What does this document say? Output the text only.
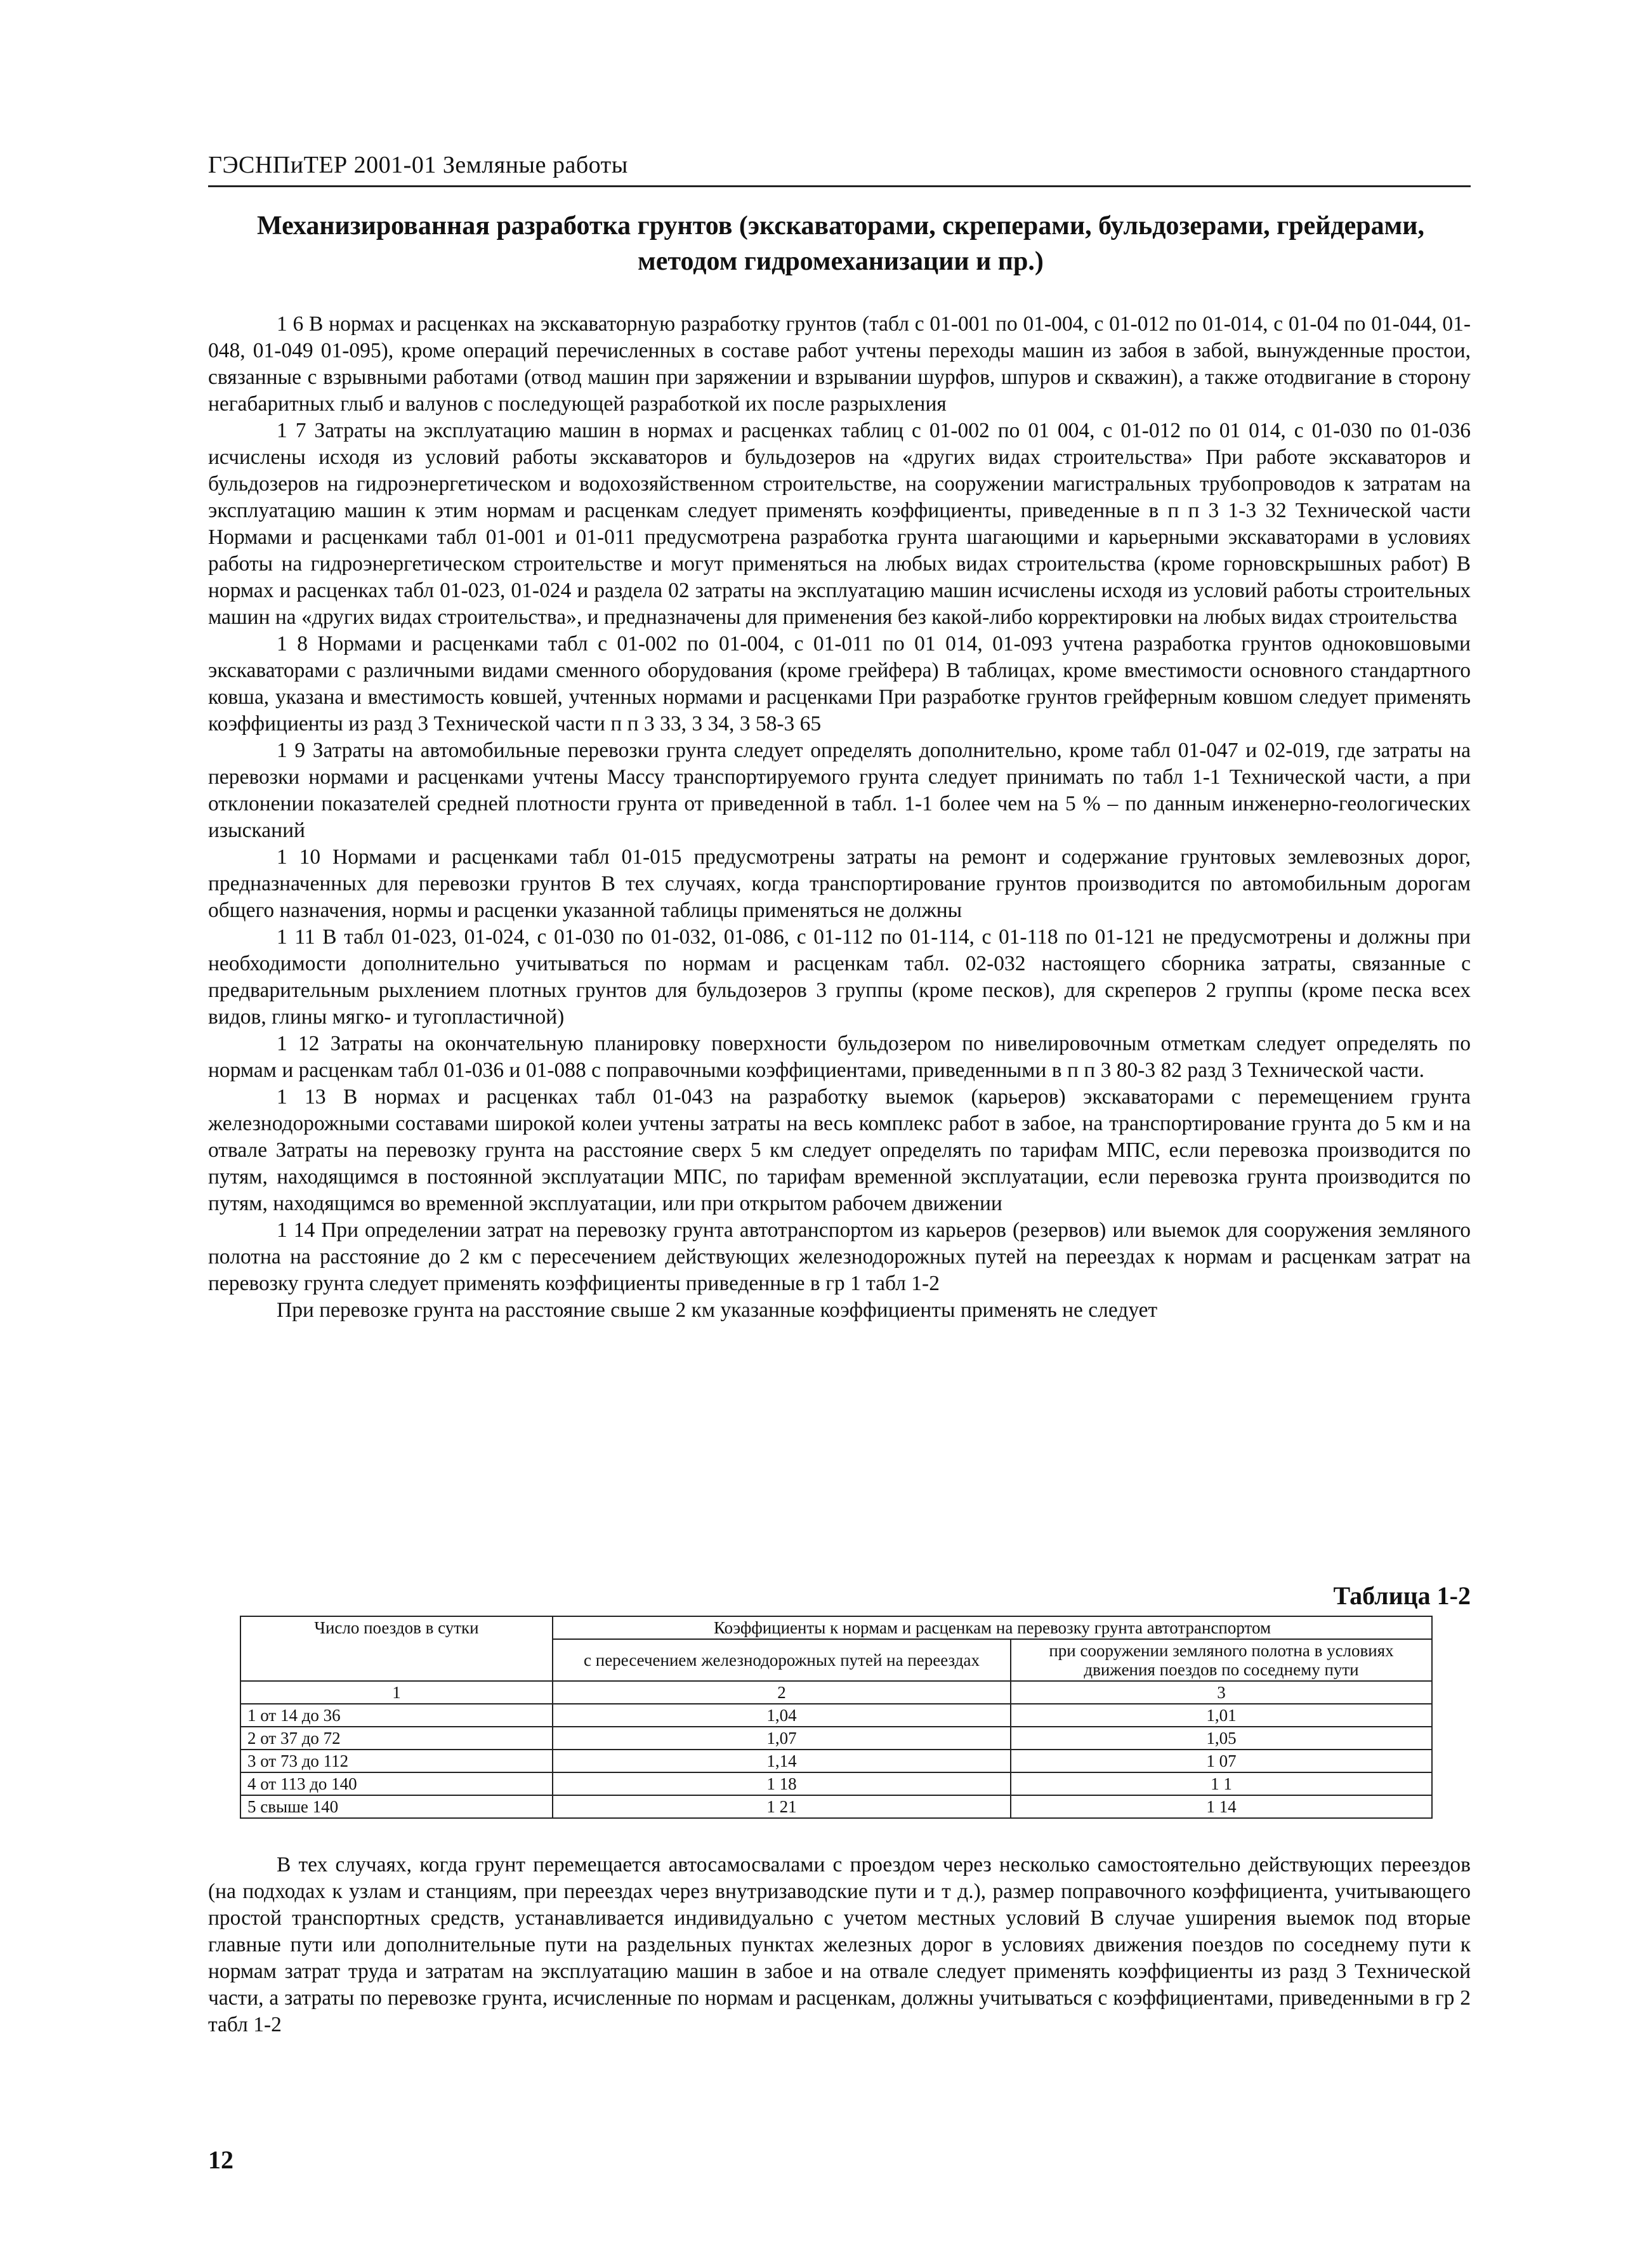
ГЭСНПиТЕР 2001-01 Земляные работы
Механизированная разработка грунтов (экскаваторами, скреперами, бульдозерами, грейдерами, методом гидромеханизации и пр.)

1 6 В нормах и расценках на экскаваторную разработку грунтов (табл с 01-001 по 01-004, с 01-012 по 01-014, с 01-04 по 01-044, 01-048, 01-049 01-095), кроме операций перечисленных в составе работ учтены переходы машин из забоя в забой, вынужденные простои, связанные с взрывными работами (отвод машин при заряжении и взрывании шурфов, шпуров и скважин), а также отодвигание в сторону негабаритных глыб и валунов с последующей разработкой их после разрыхления

1 7 Затраты на эксплуатацию машин в нормах и расценках таблиц с 01-002 по 01 004, с 01-012 по 01 014, с 01-030 по 01-036 исчислены исходя из условий работы экскаваторов и бульдозеров на «других видах строительства» При работе экскаваторов и бульдозеров на гидроэнергетическом и водохозяйственном строительстве, на сооружении магистральных трубопроводов к затратам на эксплуатацию машин к этим нормам и расценкам следует применять коэффициенты, приведенные в п п 3 1-3 32 Технической части Нормами и расценками табл 01-001 и 01-011 предусмотрена разработка грунта шагающими и карьерными экскаваторами в условиях работы на гидроэнергетическом строительстве и могут применяться на любых видах строительства (кроме горновскрышных работ) В нормах и расценках табл 01-023, 01-024 и раздела 02 затраты на эксплуатацию машин исчислены исходя из условий работы строительных машин на «других видах строительства», и предназначены для применения без какой-либо корректировки на любых видах строительства

1 8 Нормами и расценками табл с 01-002 по 01-004, с 01-011 по 01 014, 01-093 учтена разработка грунтов одноковшовыми экскаваторами с различными видами сменного оборудования (кроме грейфера) В таблицах, кроме вместимости основного стандартного ковша, указана и вместимость ковшей, учтенных нормами и расценками При разработке грунтов грейферным ковшом следует применять коэффициенты из разд 3 Технической части п п 3 33, 3 34, 3 58-3 65

1 9 Затраты на автомобильные перевозки грунта следует определять дополнительно, кроме табл 01-047 и 02-019, где затраты на перевозки нормами и расценками учтены Массу транспортируемого грунта следует принимать по табл 1-1 Технической части, а при отклонении показателей средней плотности грунта от приведенной в табл. 1-1 более чем на 5 % – по данным инженерно-геологических изысканий

1 10 Нормами и расценками табл 01-015 предусмотрены затраты на ремонт и содержание грунтовых землевозных дорог, предназначенных для перевозки грунтов В тех случаях, когда транспортирование грунтов производится по автомобильным дорогам общего назначения, нормы и расценки указанной таблицы применяться не должны

1 11 В табл 01-023, 01-024, с 01-030 по 01-032, 01-086, с 01-112 по 01-114, с 01-118 по 01-121 не предусмотрены и должны при необходимости дополнительно учитываться по нормам и расценкам табл. 02-032 настоящего сборника затраты, связанные с предварительным рыхлением плотных грунтов для бульдозеров 3 группы (кроме песков), для скреперов 2 группы (кроме песка всех видов, глины мягко- и тугопластичной)

1 12 Затраты на окончательную планировку поверхности бульдозером по нивелировочным отметкам следует определять по нормам и расценкам табл 01-036 и 01-088 с поправочными коэффициентами, приведенными в п п 3 80-3 82 разд 3 Технической части.

1 13 В нормах и расценках табл 01-043 на разработку выемок (карьеров) экскаваторами с перемещением грунта железнодорожными составами широкой колеи учтены затраты на весь комплекс работ в забое, на транспортирование грунта до 5 км и на отвале Затраты на перевозку грунта на расстояние сверх 5 км следует определять по тарифам МПС, если перевозка производится по путям, находящимся в постоянной эксплуатации МПС, по тарифам временной эксплуатации, если перевозка грунта производится по путям, находящимся во временной эксплуатации, или при открытом рабочем движении

1 14 При определении затрат на перевозку грунта автотранспортом из карьеров (резервов) или выемок для сооружения земляного полотна на расстояние до 2 км с пересечением действующих железнодорожных путей на переездах к нормам и расценкам затрат на перевозку грунта следует применять коэффициенты приведенные в гр 1 табл 1-2

При перевозке грунта на расстояние свыше 2 км указанные коэффициенты применять не следует

Таблица 1-2
Число поездов в сутки	Коэффициенты к нормам и расценкам на перевозку грунта автотранспортом	
	с пересечением железнодорожных путей на переездах	при сооружении земляного полотна в условиях движения поездов по соседнему пути
1	2	3
1 от 14 до 36	1,04	1,01
2 от 37 до 72	1,07	1,05
3 от 73 до 112	1,14	1 07
4 от 113 до 140	1 18	1 1
5 свыше 140	1 21	1 14

В тех случаях, когда грунт перемещается автосамосвалами с проездом через несколько самостоятельно действующих переездов (на подходах к узлам и станциям, при переездах через внутризаводские пути и т д.), размер поправочного коэффициента, учитывающего простой транспортных средств, устанавливается индивидуально с учетом местных условий В случае уширения выемок под вторые главные пути или дополнительные пути на раздельных пунктах железных дорог в условиях движения поездов по соседнему пути к нормам затрат труда и затратам на эксплуатацию машин в забое и на отвале следует применять коэффициенты из разд 3 Технической части, а затраты по перевозке грунта, исчисленные по нормам и расценкам, должны учитываться с коэффициентами, приведенными в гр 2 табл 1-2

12
